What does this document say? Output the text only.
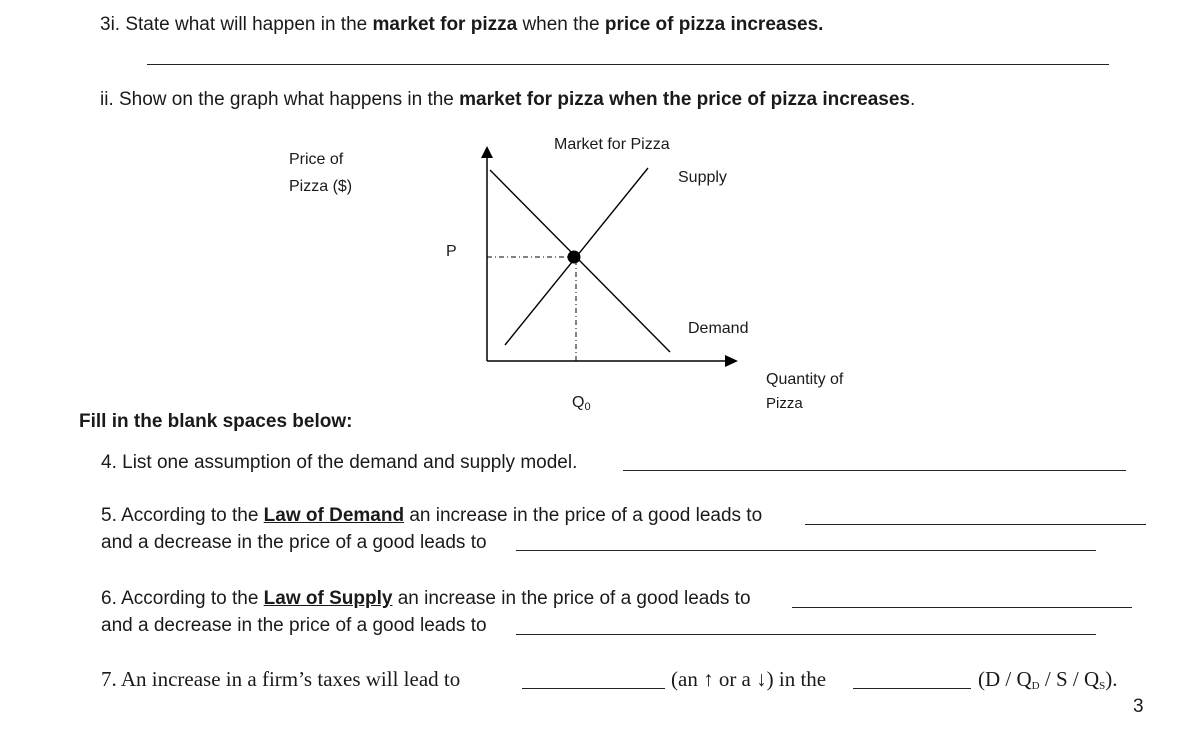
3i. State what will happen in the market for pizza when the price of pizza increases.
ii. Show on the graph what happens in the market for pizza when the price of pizza increases.
Market for Pizza
Price of
Pizza ($)
Supply
Demand
P
Quantity of
Pizza
$Q_0$
Fill in the blank spaces below:
4. List one assumption of the demand and supply model.
5. According to the Law of Demand an increase in the price of a good leads to
and a decrease in the price of a good leads to
6. According to the Law of Supply an increase in the price of a good leads to
and a decrease in the price of a good leads to
7. An increase in a firm’s taxes will lead to	(an ↑ or a ↓) in the	($D / Q_D$ / S / $Q_S$).
3
